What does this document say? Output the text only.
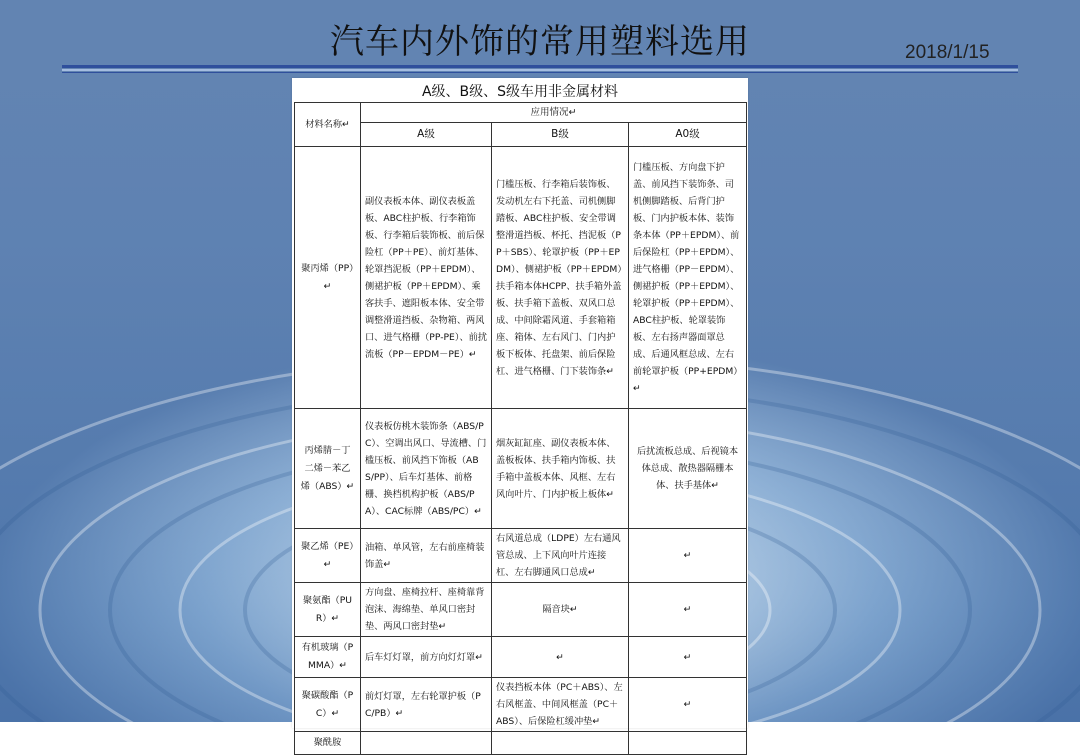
汽车内外饰的常用塑料选用	2018/1/15
A级、B级、S级车用非金属材料
材料名称↵	应用情况↵		
	A级	B级	A0级
聚丙烯（PP）↵	副仪表板本体、副仪表板盖板、ABC柱护板、行李箱饰板、行李箱后装饰板、前后保险杠（PP＋PE）、前灯基体、轮罩挡泥板（PP＋EPDM）、侧裙护板（PP＋EPDM）、乘客扶手、遮阳板本体、安全带调整滑道挡板、杂物箱、两风口、进气格栅（PP-PE）、前扰流板（PP－EPDM－PE）↵	门槛压板、行李箱后装饰板、发动机左右下托盖、司机侧脚踏板、ABC柱护板、安全带调整滑道挡板、杯托、挡泥板（PP＋SBS）、轮罩护板（PP＋EPDM）、侧裙护板（PP＋EPDM）扶手箱本体HCPP、扶手箱外盖板、扶手箱下盖板、双风口总成、中间除霜风道、手套箱箱座、箱体、左右风门、门内护板下板体、托盘架、前后保险杠、进气格栅、门下装饰条↵	门槛压板、方向盘下护盖、前风挡下装饰条、司机侧脚踏板、后背门护板、门内护板本体、装饰条本体（PP＋EPDM）、前后保险杠（PP＋EPDM）、进气格栅（PP－EPDM）、侧裙护板（PP＋EPDM）、轮罩护板（PP＋EPDM）、ABC柱护板、轮罩装饰板、左右扬声器面罩总成、后通风框总成、左右前轮罩护板（PP+EPDM）↵
丙烯腈－丁二烯－苯乙烯（ABS）↵	仪表板仿桃木装饰条（ABS/PC）、空调出风口、导流槽、门槛压板、前风挡下饰板（ABS/PP）、后车灯基体、前格栅、换档机构护板（ABS/PA）、CAC标牌（ABS/PC）↵	烟灰缸缸座、副仪表板本体、盖板板体、扶手箱内饰板、扶手箱中盖板本体、风框、左右风向叶片、门内护板上板体↵	后扰流板总成、后视镜本体总成、散热器隔栅本体、扶手基体↵
聚乙烯（PE）↵	油箱、单风管，左右前座椅装饰盖↵	右风道总成（LDPE）左右通风管总成、上下风向叶片连接杠、左右脚通风口总成↵	↵
聚氨酯（PUR）↵	方向盘、座椅拉杆、座椅靠背泡沫、海绵垫、单风口密封垫、两风口密封垫↵	隔音块↵	↵
有机玻璃（PMMA）↵	后车灯灯罩，前方向灯灯罩↵	↵	↵
聚碳酸酯（PC）↵	前灯灯罩，左右轮罩护板（PC/PB）↵	仪表挡板本体（PC＋ABS）、左右风框盖、中间风框盖（PC＋ABS）、后保险杠缓冲垫↵	↵
聚酰胺			
